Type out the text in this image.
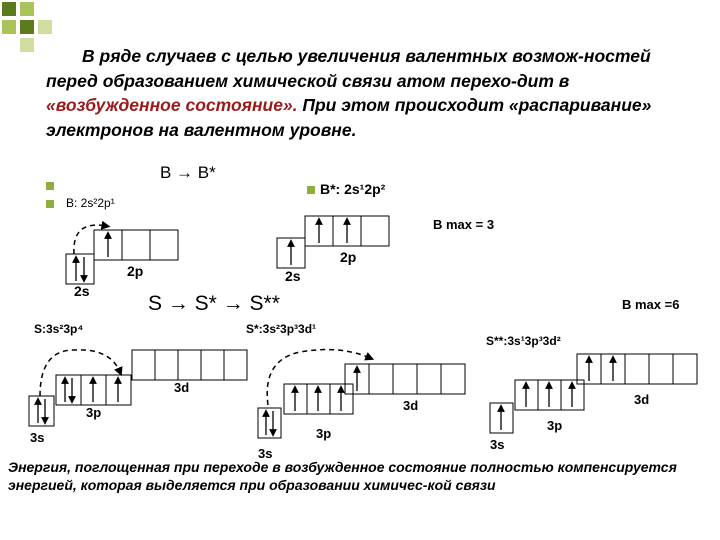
В ряде случаев с целью увеличения валентных возмож-ностей перед образованием химической связи атом перехо-дит в «возбужденное состояние». При этом происходит «распаривание» электронов на валентном уровне.
B → B*
B: 2s²2p¹
B*: 2s¹2p²
B max = 3
2s
2p	2s
2p
S → S* → S**	B max =6
S:3s²3p⁴	S*:3s²3p³3d¹
S**:3s¹3p³3d²
3s
3p
3d
3s
3p
3d
3s
3p
3d
Энергия, поглощенная при переходе в возбужденное состояние полностью компенсируется энергией, которая выделяется при образовании химичес-кой связи
